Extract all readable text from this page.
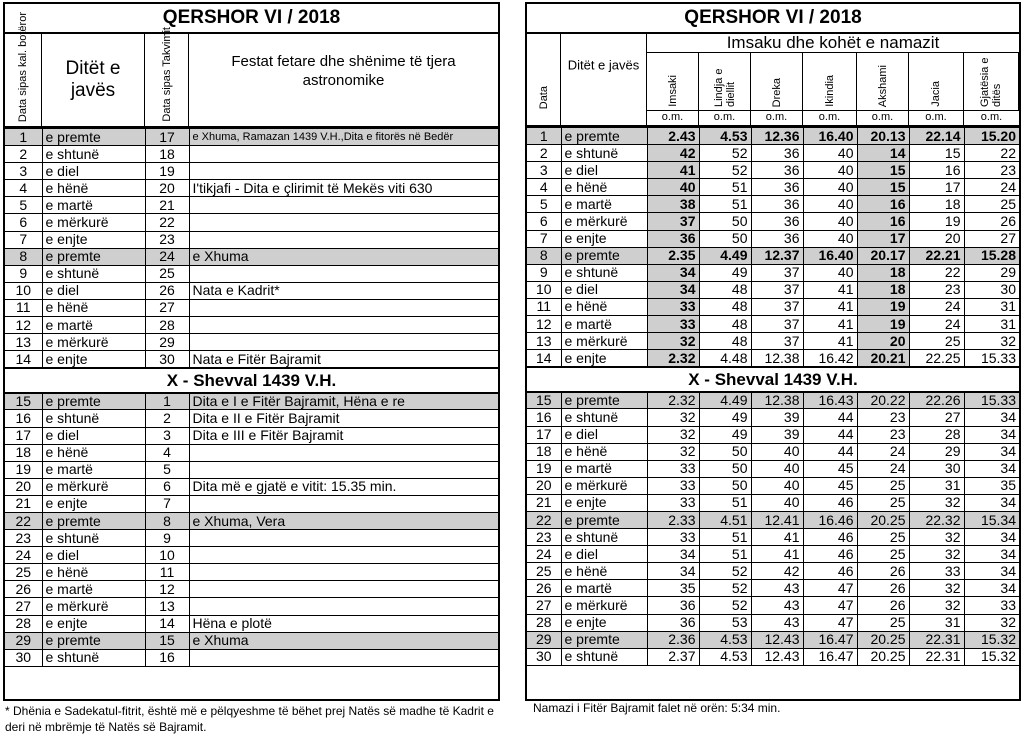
QERSHOR VI / 2018
Data sipas kal. botëror	Ditët e javës	Data sipas Takvimit	Festat fetare dhe shënime të tjera astronomike
1	e premte	17	e Xhuma, Ramazan 1439 V.H.,Dita e fitorës në Bedër
2	e shtunë	18	
3	e diel	19	
4	e hënë	20	I'tikjafi - Dita e çlirimit të Mekës viti 630
5	e martë	21	
6	e mërkurë	22	
7	e enjte	23	
8	e premte	24	e Xhuma
9	e shtunë	25	
10	e diel	26	Nata e Kadrit*
11	e hënë	27	
12	e martë	28	
13	e mërkurë	29	
14	e enjte	30	Nata e Fitër Bajramit
X - Shevval 1439 V.H.			
15	e premte	1	Dita e I e Fitër Bajramit, Hëna e re
16	e shtunë	2	Dita e II e Fitër Bajramit
17	e diel	3	Dita e III e Fitër Bajramit
18	e hënë	4	
19	e martë	5	
20	e mërkurë	6	Dita më e gjatë e vitit: 15.35 min.
21	e enjte	7	
22	e premte	8	e Xhuma, Vera
23	e shtunë	9	
24	e diel	10	
25	e hënë	11	
26	e martë	12	
27	e mërkurë	13	
28	e enjte	14	Hëna e plotë
29	e premte	15	e Xhuma
30	e shtunë	16	
QERSHOR VI / 2018
Data
Ditët e javës
Imsaku dhe kohët e namazit
Imsaki	Lindja e diellit	Dreka	Ikindia	Akshami	Jacia	Gjatësia e ditës
o.m.	o.m.	o.m.	o.m.	o.m.	o.m.	o.m.
1	e premte	2.43	4.53	12.36	16.40	20.13	22.14	15.20
2	e shtunë	42	52	36	40	14	15	22
3	e diel	41	52	36	40	15	16	23
4	e hënë	40	51	36	40	15	17	24
5	e martë	38	51	36	40	16	18	25
6	e mërkurë	37	50	36	40	16	19	26
7	e enjte	36	50	36	40	17	20	27
8	e premte	2.35	4.49	12.37	16.40	20.17	22.21	15.28
9	e shtunë	34	49	37	40	18	22	29
10	e diel	34	48	37	41	18	23	30
11	e hënë	33	48	37	41	19	24	31
12	e martë	33	48	37	41	19	24	31
13	e mërkurë	32	48	37	41	20	25	32
14	e enjte	2.32	4.48	12.38	16.42	20.21	22.25	15.33
X - Shevval 1439 V.H.								
15	e premte	2.32	4.49	12.38	16.43	20.22	22.26	15.33
16	e shtunë	32	49	39	44	23	27	34
17	e diel	32	49	39	44	23	28	34
18	e hënë	32	50	40	44	24	29	34
19	e martë	33	50	40	45	24	30	34
20	e mërkurë	33	50	40	45	25	31	35
21	e enjte	33	51	40	46	25	32	34
22	e premte	2.33	4.51	12.41	16.46	20.25	22.32	15.34
23	e shtunë	33	51	41	46	25	32	34
24	e diel	34	51	41	46	25	32	34
25	e hënë	34	52	42	46	26	33	34
26	e martë	35	52	43	47	26	32	34
27	e mërkurë	36	52	43	47	26	32	33
28	e enjte	36	53	43	47	25	31	32
29	e premte	2.36	4.53	12.43	16.47	20.25	22.31	15.32
30	e shtunë	2.37	4.53	12.43	16.47	20.25	22.31	15.32
* Dhënia e Sadekatul-fitrit, është më e pëlqyeshme të bëhet prej Natës së madhe të Kadrit e deri në mbrëmje të Natës së Bajramit.
Namazi i Fitër Bajramit falet në orën: 5:34 min.
